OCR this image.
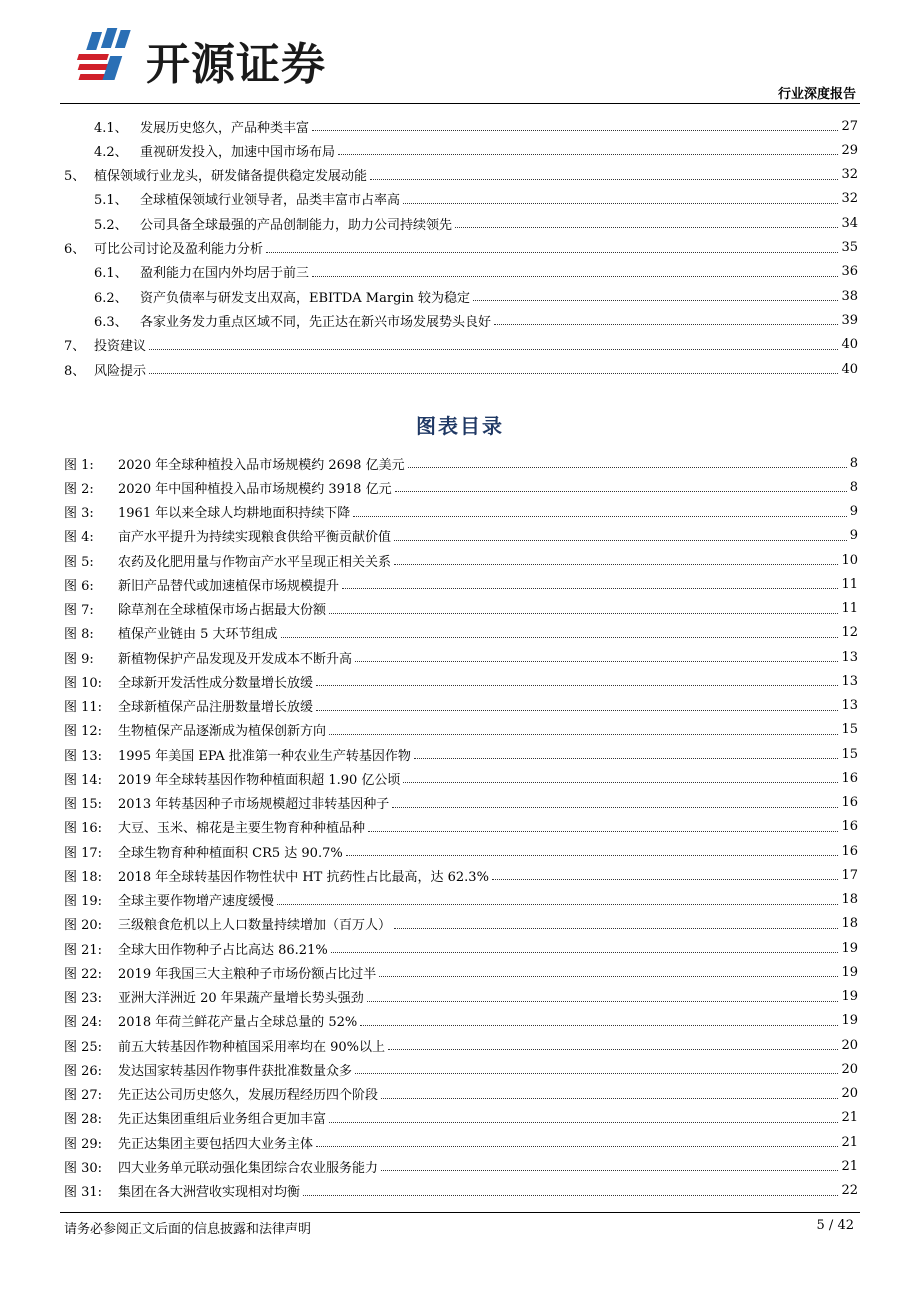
开源证券
行业深度报告
4.1、 发展历史悠久，产品种类丰富	27
4.2、 重视研发投入，加速中国市场布局	29
5、 植保领域行业龙头，研发储备提供稳定发展动能	32
5.1、 全球植保领域行业领导者，品类丰富市占率高	32
5.2、 公司具备全球最强的产品创制能力，助力公司持续领先	34
6、 可比公司讨论及盈利能力分析	35
6.1、 盈利能力在国内外均居于前三	36
6.2、 资产负债率与研发支出双高，EBITDA Margin 较为稳定	38
6.3、 各家业务发力重点区域不同，先正达在新兴市场发展势头良好	39
7、 投资建议	40
8、 风险提示	40
图表目录
图 1:	2020 年全球种植投入品市场规模约 2698 亿美元	8
图 2:	2020 年中国种植投入品市场规模约 3918 亿元	8
图 3:	1961 年以来全球人均耕地面积持续下降	9
图 4:	亩产水平提升为持续实现粮食供给平衡贡献价值	9
图 5:	农药及化肥用量与作物亩产水平呈现正相关关系	10
图 6:	新旧产品替代或加速植保市场规模提升	11
图 7:	除草剂在全球植保市场占据最大份额	11
图 8:	植保产业链由 5 大环节组成	12
图 9:	新植物保护产品发现及开发成本不断升高	13
图 10:	全球新开发活性成分数量增长放缓	13
图 11:	全球新植保产品注册数量增长放缓	13
图 12:	生物植保产品逐渐成为植保创新方向	15
图 13:	1995 年美国 EPA 批准第一种农业生产转基因作物	15
图 14:	2019 年全球转基因作物种植面积超 1.90 亿公顷	16
图 15:	2013 年转基因种子市场规模超过非转基因种子	16
图 16:	大豆、玉米、棉花是主要生物育种种植品种	16
图 17:	全球生物育种种植面积 CR5 达 90.7%	16
图 18:	2018 年全球转基因作物性状中 HT 抗药性占比最高，达 62.3%	17
图 19:	全球主要作物增产速度缓慢	18
图 20:	三级粮食危机以上人口数量持续增加（百万人）	18
图 21:	全球大田作物种子占比高达 86.21%	19
图 22:	2019 年我国三大主粮种子市场份额占比过半	19
图 23:	亚洲大洋洲近 20 年果蔬产量增长势头强劲	19
图 24:	2018 年荷兰鲜花产量占全球总量的 52%	19
图 25:	前五大转基因作物种植国采用率均在 90%以上	20
图 26:	发达国家转基因作物事件获批准数量众多	20
图 27:	先正达公司历史悠久，发展历程经历四个阶段	20
图 28:	先正达集团重组后业务组合更加丰富	21
图 29:	先正达集团主要包括四大业务主体	21
图 30:	四大业务单元联动强化集团综合农业服务能力	21
图 31:	集团在各大洲营收实现相对均衡	22
请务必参阅正文后面的信息披露和法律声明	5 / 42
